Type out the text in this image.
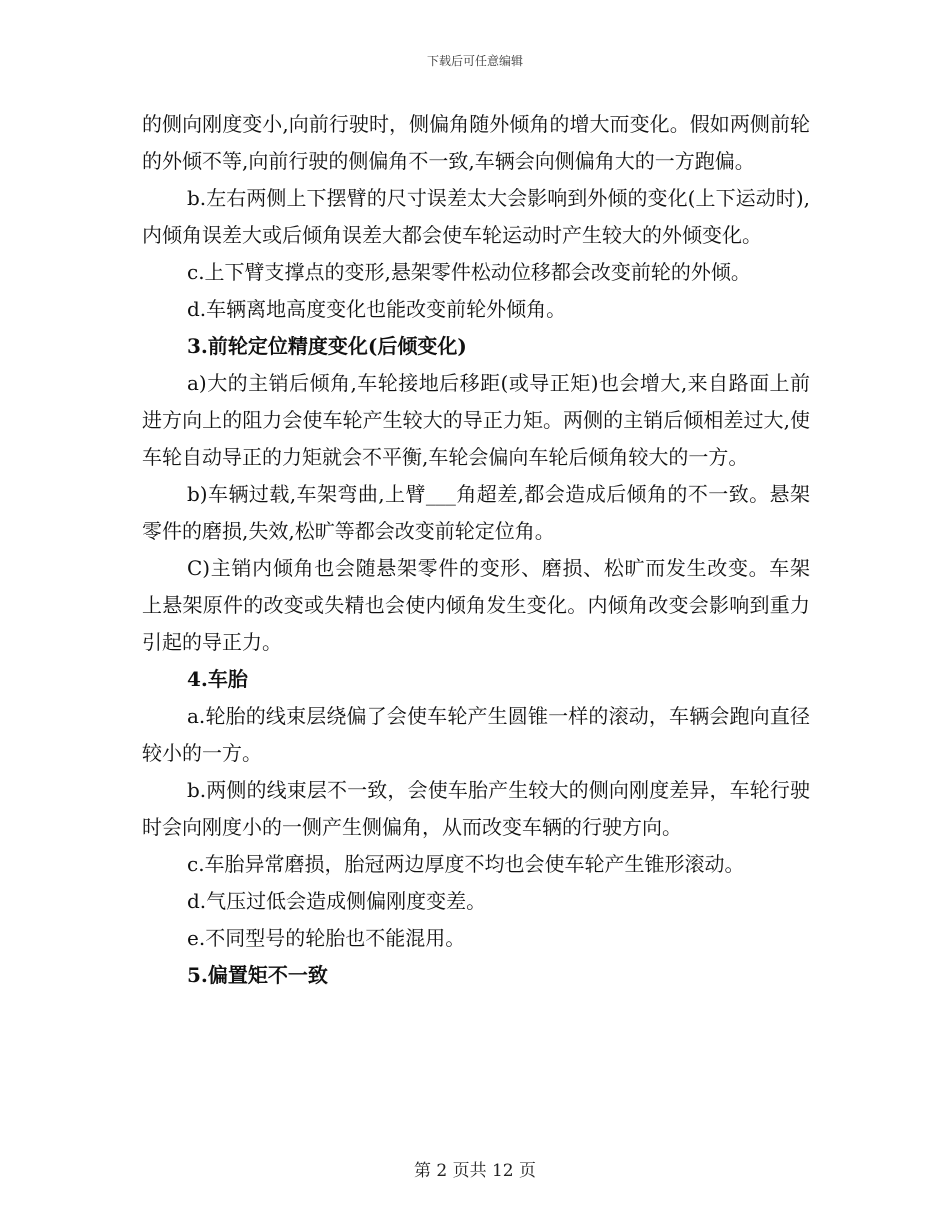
下载后可任意编辑

的侧向刚度变小,向前行驶时，侧偏角随外倾角的增大而变化。假如两侧前轮的外倾不等,向前行驶的侧偏角不一致,车辆会向侧偏角大的一方跑偏。

b.左右两侧上下摆臂的尺寸误差太大会影响到外倾的变化(上下运动时),内倾角误差大或后倾角误差大都会使车轮运动时产生较大的外倾变化。

c.上下臂支撑点的变形,悬架零件松动位移都会改变前轮的外倾。

d.车辆离地高度变化也能改变前轮外倾角。

3.前轮定位精度变化(后倾变化)

a)大的主销后倾角,车轮接地后移距(或导正矩)也会增大,来自路面上前进方向上的阻力会使车轮产生较大的导正力矩。两侧的主销后倾相差过大,使车轮自动导正的力矩就会不平衡,车轮会偏向车轮后倾角较大的一方。

b)车辆过载,车架弯曲,上臂___角超差,都会造成后倾角的不一致。悬架零件的磨损,失效,松旷等都会改变前轮定位角。

C)主销内倾角也会随悬架零件的变形、磨损、松旷而发生改变。车架上悬架原件的改变或失精也会使内倾角发生变化。内倾角改变会影响到重力引起的导正力。

4.车胎

a.轮胎的线束层绕偏了会使车轮产生圆锥一样的滚动，车辆会跑向直径较小的一方。

b.两侧的线束层不一致，会使车胎产生较大的侧向刚度差异，车轮行驶时会向刚度小的一侧产生侧偏角，从而改变车辆的行驶方向。

c.车胎异常磨损，胎冠两边厚度不均也会使车轮产生锥形滚动。

d.气压过低会造成侧偏刚度变差。

e.不同型号的轮胎也不能混用。

5.偏置矩不一致

第 2 页共 12 页
